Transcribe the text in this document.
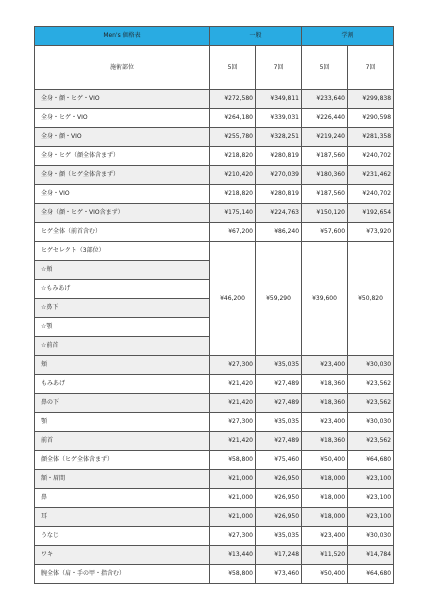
Men's 価格表	一般		学割	
施術部位	5回	7回	5回	7回
全身・顔・ヒゲ・VIO	¥272,580	¥349,811	¥233,640	¥299,838
全身・ヒゲ・VIO	¥264,180	¥339,031	¥226,440	¥290,598
全身・顔・VIO	¥255,780	¥328,251	¥219,240	¥281,358
全身・ヒゲ（顔全体含まず）	¥218,820	¥280,819	¥187,560	¥240,702
全身・顔（ヒゲ全体含まず）	¥210,420	¥270,039	¥180,360	¥231,462
全身・VIO	¥218,820	¥280,819	¥187,560	¥240,702
全身（顔・ヒゲ・VIO含まず）	¥175,140	¥224,763	¥150,120	¥192,654
ヒゲ全体（前首含む）	¥67,200	¥86,240	¥57,600	¥73,920
ヒゲセレクト（3部位）	¥46,200	¥59,290	¥39,600	¥50,820
☆頬				
☆もみあげ				
☆鼻下				
☆顎				
☆前首				
頬	¥27,300	¥35,035	¥23,400	¥30,030
もみあげ	¥21,420	¥27,489	¥18,360	¥23,562
鼻の下	¥21,420	¥27,489	¥18,360	¥23,562
顎	¥27,300	¥35,035	¥23,400	¥30,030
前首	¥21,420	¥27,489	¥18,360	¥23,562
顔全体（ヒゲ全体含まず）	¥58,800	¥75,460	¥50,400	¥64,680
額・眉間	¥21,000	¥26,950	¥18,000	¥23,100
鼻	¥21,000	¥26,950	¥18,000	¥23,100
耳	¥21,000	¥26,950	¥18,000	¥23,100
うなじ	¥27,300	¥35,035	¥23,400	¥30,030
ワキ	¥13,440	¥17,248	¥11,520	¥14,784
腕全体（肩・手の甲・指含む）	¥58,800	¥73,460	¥50,400	¥64,680
